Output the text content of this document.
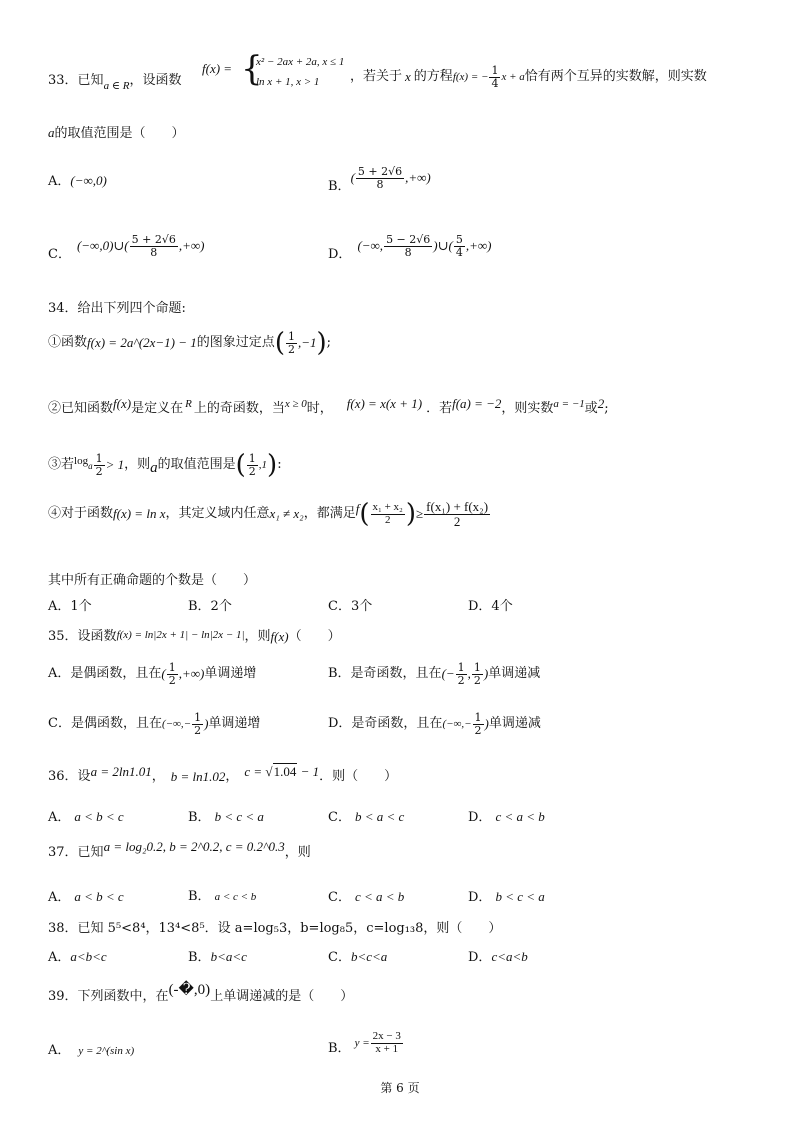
33 ．已知 a ∈ R ，设函数
f(x) = {
x² − 2ax + 2a, x ≤ 1
ln x + 1, x > 1 ，若关于 x 的方程 f(x) = − $\frac{1}{4}$ x + a 恰有两个互异的实数解，则实数
a的取值范围是（　　）
A．(−∞,0)	B．
( $\frac{5 + 2√6}{8}$ ,+∞)
C．
(−∞,0)∪( $\frac{5 + 2√6}{8}$ ,+∞)
D．
(−∞, $\frac{5 - 2√6}{8}$ )∪( $\frac{5}{4}$ ,+∞)
34．给出下列四个命题:
①函数 f(x) = 2a^(2x−1) − 1 的图象过定点 ( $\frac{1}{2} ,-1$ ) ;
②已知函数 f(x) 是定义在 R 上的奇函数，当 x ≥ 0 时， f(x) = x(x + 1) ．若 f(a) = −2 ，则实数 a = −1 或 2 ;
③若 log a $\frac{1}{2} > 1$ ，则 a 的取值范围是 ( $\frac{1}{2} ,1$ ) :
④对于函数 f(x) = ln x ，其定义域内任意 x₁ ≠ x₂ ，都满足 f ( $\frac{\text{x₁ + x₂}}{2}$ ) ≥ $\frac{\text{f(x₁) + f(x₂)}}{2}$
其中所有正确命题的个数是（　　）
A．1个	B．2个	C．3个	D．4个
35 ．设函数 f(x) = ln|2x + 1| − ln|2x − 1| ，则 f(x) （　　）
A．是偶函数，且在 ( $\frac{1}{2}$ ,+∞) 单调递增	B．是奇函数，且在 (− $\frac{1}{2}$ , $\frac{1}{2}$ ) 单调递减
C．是偶函数，且在 (−∞,− $\frac{1}{2}$ ) 单调递增	D．是奇函数，且在 (−∞,− $\frac{1}{2}$ ) 单调递减
36 ．设 a = 2ln1.01 ， b = ln1.02 ， c = √1.04 − 1 ．则（　　）
A． a < b < c	B． b < c < a	C． b < a < c	D． c < a < b
37 ．已知 a = log₂0.2, b = 2^0.2, c = 0.2^0.3 ，则
A． a < b < c	B． a < c < b	C． c < a < b	D． b < c < a
38．已知 5⁵<8⁴，13⁴<8⁵．设 a=log₅3，b=log₈5，c=log₁₃8，则（　　）
A．a<b<c	B．b<a<c	C．b<c<a	D．c<a<b
39 ．下列函数中，在 (-�,0) 上单调递减的是（　　）
A． y = 2^(sin x)	B． $y = \frac{2x - 3}{x + 1}$
第 6 页
